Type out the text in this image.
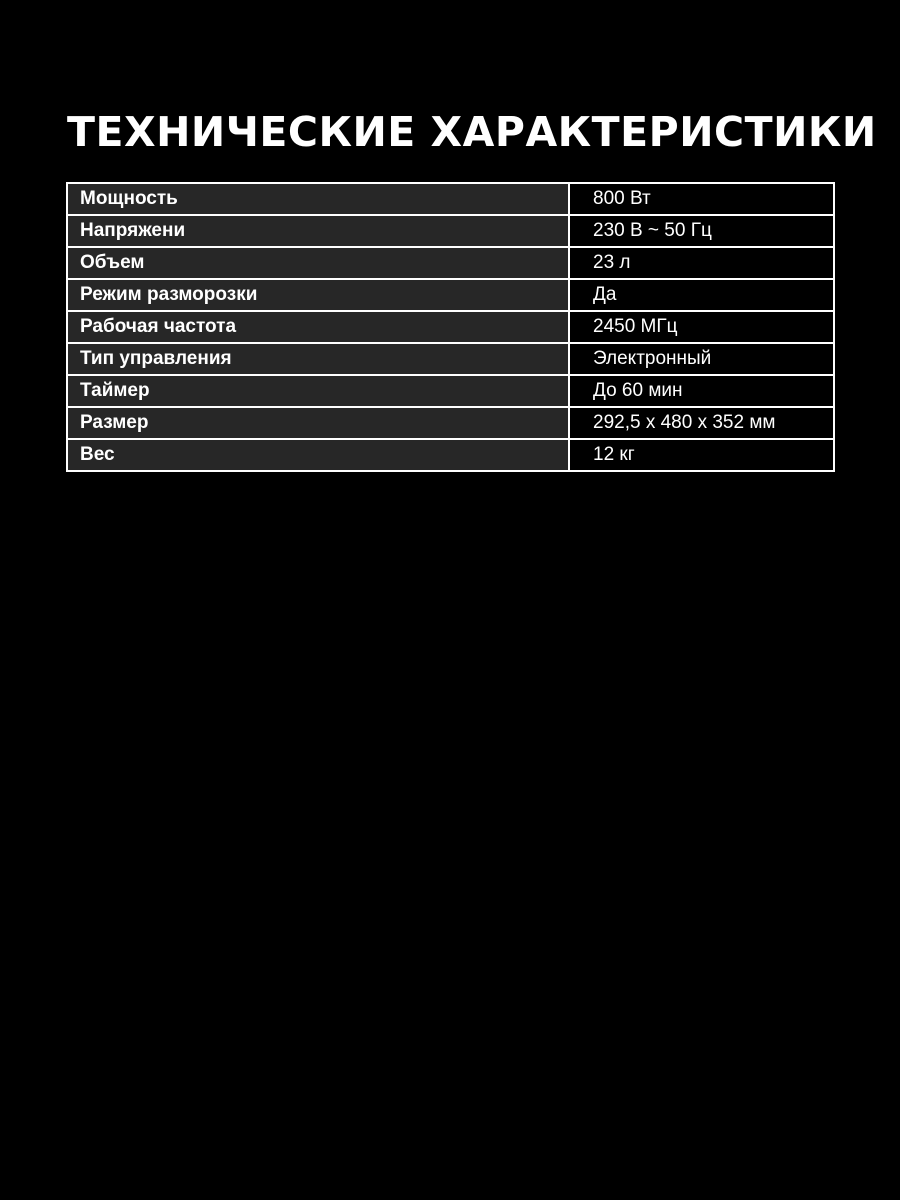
ТЕХНИЧЕСКИЕ ХАРАКТЕРИСТИКИ
Мощность	800 Вт
Напряжени	230 В ~ 50 Гц
Объем	23 л
Режим разморозки	Да
Рабочая частота	2450 МГц
Тип управления	Электронный
Таймер	До 60 мин
Размер	292,5 х 480 х 352 мм
Вес	12 кг
